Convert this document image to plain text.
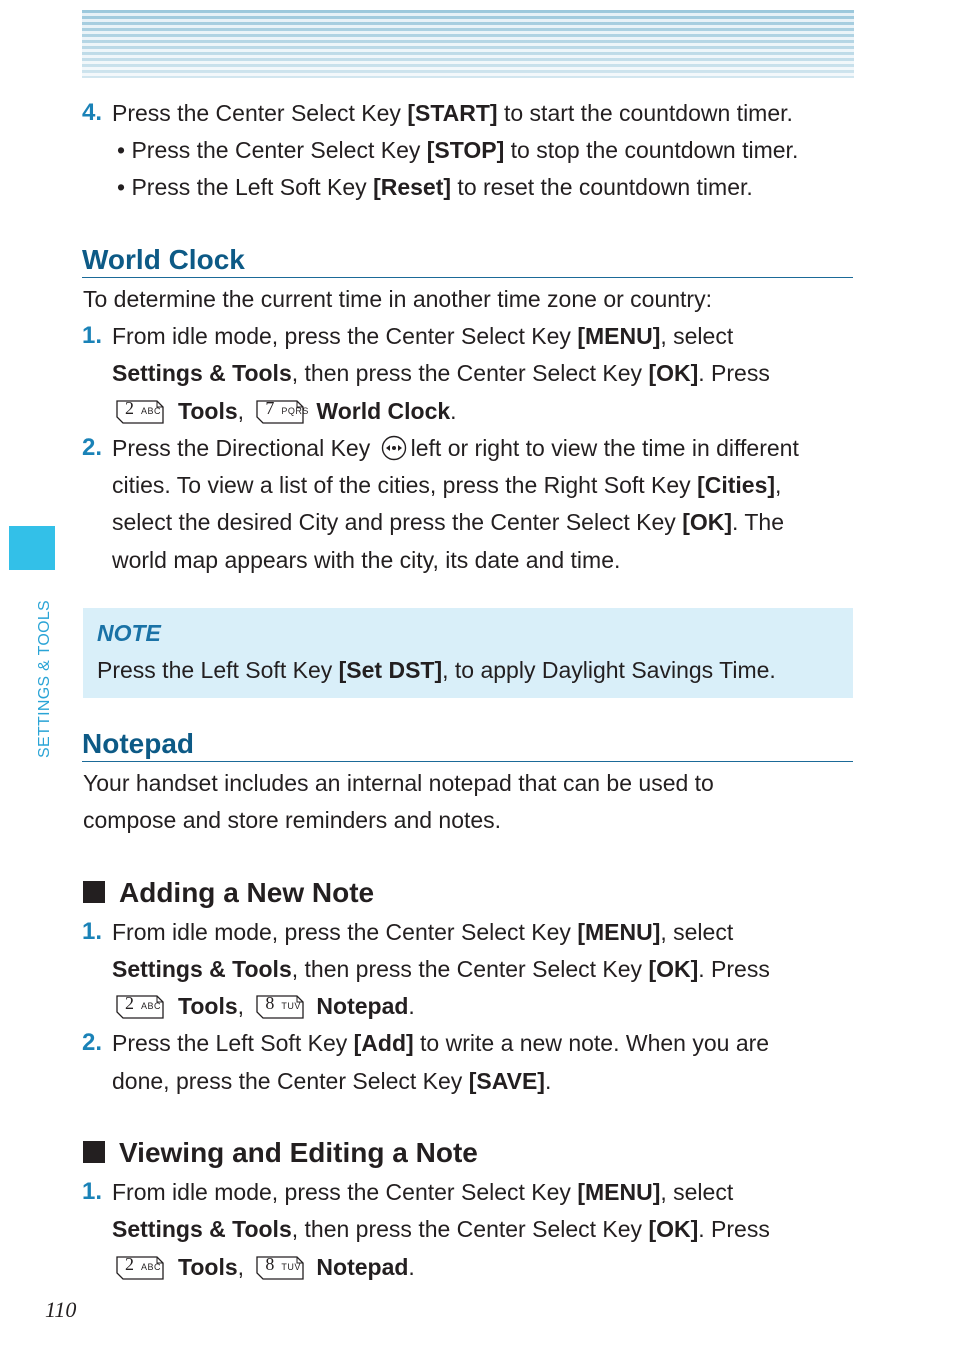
4. Press the Center Select Key [START] to start the countdown timer.
• Press the Center Select Key [STOP] to stop the countdown timer.
• Press the Left Soft Key [Reset] to reset the countdown timer.
World Clock
To determine the current time in another time zone or country:
1. From idle mode, press the Center Select Key [MENU], select
Settings & Tools, then press the Center Select Key [OK]. Press
2 ABC Tools, 7 PQRS World Clock.
2. Press the Directional Key left or right to view the time in different
cities. To view a list of the cities, press the Right Soft Key [Cities],
select the desired City and press the Center Select Key [OK]. The
world map appears with the city, its date and time.
NOTE
Press the Left Soft Key [Set DST], to apply Daylight Savings Time.
Notepad
Your handset includes an internal notepad that can be used to
compose and store reminders and notes.
Adding a New Note
1. From idle mode, press the Center Select Key [MENU], select
Settings & Tools, then press the Center Select Key [OK]. Press
2 ABC Tools, 8 TUV Notepad.
2. Press the Left Soft Key [Add] to write a new note. When you are
done, press the Center Select Key [SAVE].
Viewing and Editing a Note
1. From idle mode, press the Center Select Key [MENU], select
Settings & Tools, then press the Center Select Key [OK]. Press
2 ABC Tools, 8 TUV Notepad.
SETTINGS & TOOLS
110
